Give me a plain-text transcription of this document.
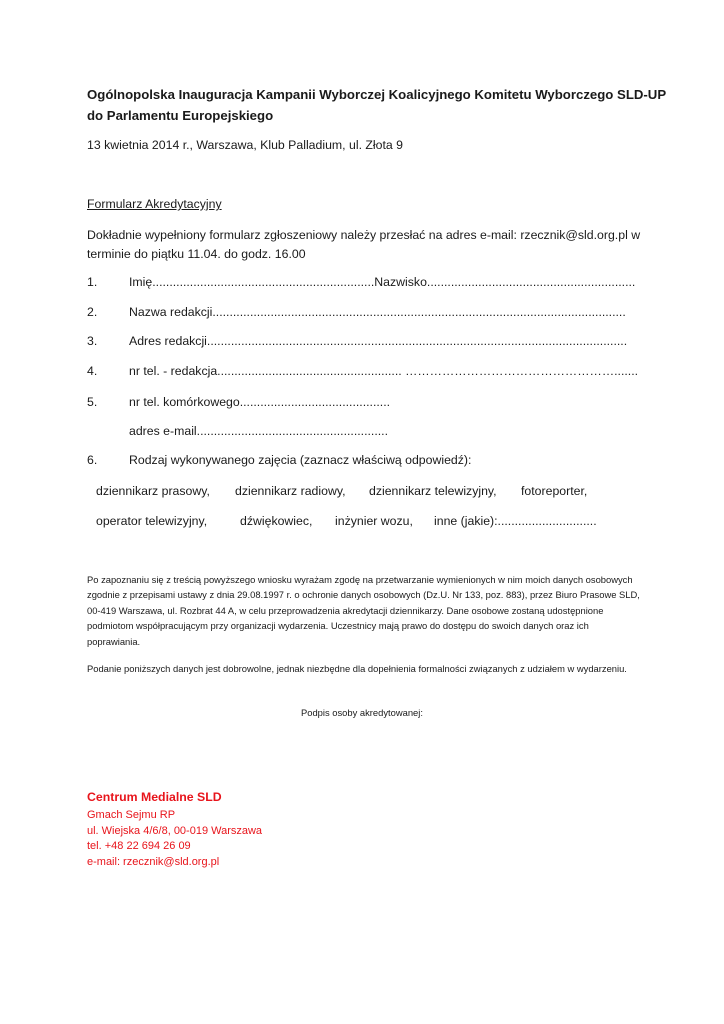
Ogólnopolska Inauguracja Kampanii Wyborczej Koalicyjnego Komitetu Wyborczego SLD-UP do Parlamentu Europejskiego
13 kwietnia 2014 r., Warszawa, Klub Palladium, ul. Złota 9
Formularz Akredytacyjny
Dokładnie wypełniony formularz zgłoszeniowy należy przesłać na adres e-mail: rzecznik@sld.org.pl w terminie do piątku 11.04. do godz. 16.00
1.	Imię.................................................................Nazwisko.............................................................
2.	Nazwa redakcji.........................................................................................................................
3.	Adres redakcji...........................................................................................................................
4.	nr tel. - redakcja...................................................... …………………………………………….......
5.	nr tel. komórkowego............................................
adres e-mail........................................................
6.	Rodzaj wykonywanego zajęcia (zaznacz właściwą odpowiedź):
dziennikarz prasowy, dziennikarz radiowy, dziennikarz telewizyjny, fotoreporter,
operator telewizyjny,	dźwiękowiec, inżynier wozu, inne (jakie):.............................
Po zapoznaniu się z treścią powyższego wniosku wyrażam zgodę na przetwarzanie wymienionych w nim moich danych osobowych zgodnie z przepisami ustawy z dnia 29.08.1997 r. o ochronie danych osobowych (Dz.U. Nr 133, poz. 883), przez Biuro Prasowe SLD, 00-419 Warszawa, ul. Rozbrat 44 A, w celu przeprowadzenia akredytacji dziennikarzy. Dane osobowe zostaną udostępnione podmiotom współpracującym przy organizacji wydarzenia. Uczestnicy mają prawo do dostępu do swoich danych oraz ich poprawiania.
Podanie poniższych danych jest dobrowolne, jednak niezbędne dla dopełnienia formalności związanych z udziałem w wydarzeniu.
Podpis osoby akredytowanej:
Centrum Medialne SLD
Gmach Sejmu RP
ul. Wiejska 4/6/8, 00-019 Warszawa
tel. +48 22 694 26 09
e-mail: rzecznik@sld.org.pl
